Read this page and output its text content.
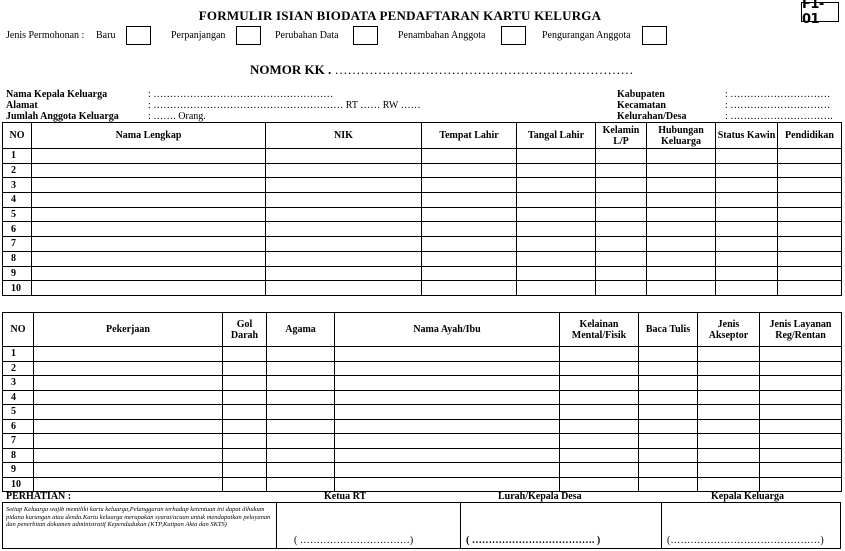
FORMULIR ISIAN BIODATA PENDAFTARAN KARTU KELURGA
F1-01
Jenis Permohonan : Baru	Perpanjangan	Perubahan Data	Penambahan Anggota	Pengurangan Anggota
NOMOR KK . ……………………………………………………………
Nama Kepala Keluarga	: ………………………………………………
Alamat	: ………………………………………………… RT …… RW ……
Jumlah Anggota Keluarga	: ……. Orang.
Kabupaten	: …………………………
Kecamatan	: …………………………
Kelurahan/Desa	: ………………………….
NO	Nama Lengkap	NIK	Tempat Lahir	Tangal Lahir	Kelamin L/P	Hubungan Keluarga	Status Kawin	Pendidikan
1								
2								
3								
4								
5								
6								
7								
8								
9								
10								
NO	Pekerjaan	Gol Darah	Agama	Nama Ayah/Ibu	Kelainan Mental/Fisik	Baca Tulis	Jenis Akseptor	Jenis Layanan Reg/Rentan
1								
2								
3								
4								
5								
6								
7								
8								
9								
10								
PERHATIAN :	Ketua RT	Lurah/Kepala Desa	Kepala Keluarga
Setiap Keluarga wajib memiliki kartu keluarga,Pelanggaran terhadap ketentuan ini dapat dihukum pidana kurungan atau denda.Kartu keluarga merupakan syarat/acuan untuk mendapatkan pelayanan dan penerbitan dokumen administratif Kependudukan (KTP,Kutipan Akta dan SKTS)
( ……………………………)	( ………………………………. )	(………………………………………)
